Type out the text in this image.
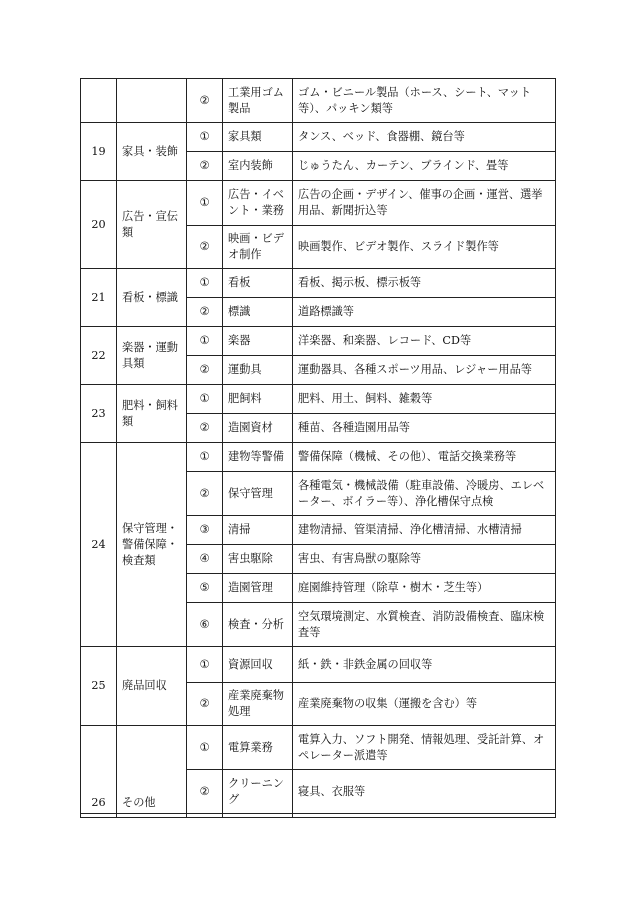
		②	工業用ゴム製品	ゴム・ビニール製品（ホース、シート、マット等）、パッキン類等
19	家具・装飾	①	家具類	タンス、ベッド、食器棚、鏡台等
		②	室内装飾	じゅうたん、カーテン、ブラインド、畳等
20	広告・宣伝類	①	広告・イベント・業務	広告の企画・デザイン、催事の企画・運営、選挙用品、新聞折込等
		②	映画・ビデオ制作	映画製作、ビデオ製作、スライド製作等
21	看板・標識	①	看板	看板、掲示板、標示板等
		②	標識	道路標識等
22	楽器・運動具類	①	楽器	洋楽器、和楽器、レコード、CD等
		②	運動具	運動器具、各種スポーツ用品、レジャー用品等
23	肥料・飼料類	①	肥飼料	肥料、用土、飼料、雑穀等
		②	造園資材	種苗、各種造園用品等
24	保守管理・警備保障・検査類	①	建物等警備	警備保障（機械、その他）、電話交換業務等
		②	保守管理	各種電気・機械設備（駐車設備、冷暖房、エレベーター、ボイラー等）、浄化槽保守点検
		③	清掃	建物清掃、管渠清掃、浄化槽清掃、水槽清掃
		④	害虫駆除	害虫、有害鳥獣の駆除等
		⑤	造園管理	庭園維持管理（除草・樹木・芝生等）
		⑥	検査・分析	空気環境測定、水質検査、消防設備検査、臨床検査等
25	廃品回収	①	資源回収	紙・鉄・非鉄金属の回収等
		②	産業廃棄物処理	産業廃棄物の収集（運搬を含む）等
26	その他	①	電算業務	電算入力、ソフト開発、情報処理、受託計算、オペレーター派遣等
		②	クリーニング	寝具、衣服等
